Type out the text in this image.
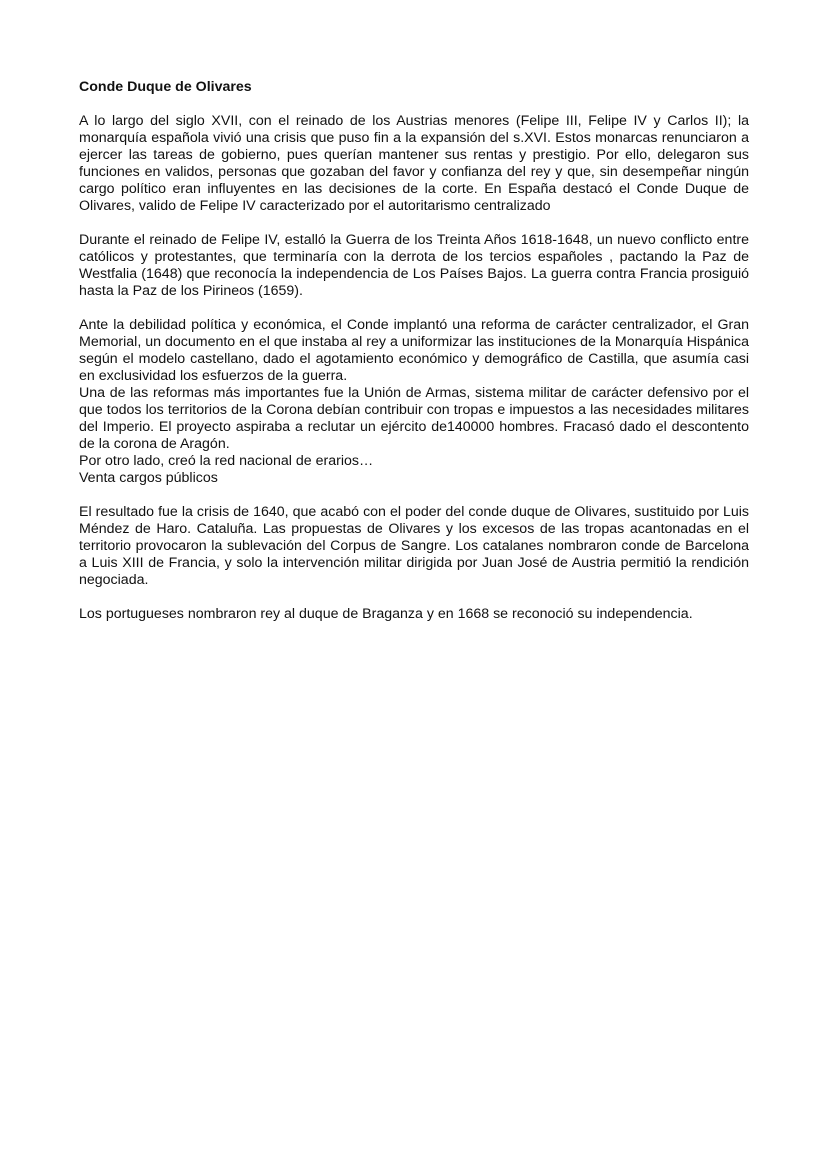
Conde Duque de Olivares

A lo largo del siglo XVII, con el reinado de los Austrias menores (Felipe III, Felipe IV y Carlos II); la monarquía española vivió una crisis que puso fin a la expansión del s.XVI. Estos monarcas renunciaron a ejercer las tareas de gobierno, pues querían mantener sus rentas y prestigio. Por ello, delegaron sus funciones en validos, personas que gozaban del favor y confianza del rey y que, sin desempeñar ningún cargo político eran influyentes en las decisiones de la corte. En España destacó el Conde Duque de Olivares, valido de Felipe IV caracterizado por el autoritarismo centralizado

Durante el reinado de Felipe IV, estalló la Guerra de los Treinta Años 1618-1648, un nuevo conflicto entre católicos y protestantes, que terminaría con la derrota de los tercios españoles , pactando la Paz de Westfalia (1648) que reconocía la independencia de Los Países Bajos. La guerra contra Francia prosiguió hasta la Paz de los Pirineos (1659).

Ante la debilidad política y económica, el Conde implantó una reforma de carácter centralizador, el Gran Memorial, un documento en el que instaba al rey a uniformizar las instituciones de la Monarquía Hispánica según el modelo castellano, dado el agotamiento económico y demográfico de Castilla, que asumía casi en exclusividad los esfuerzos de la guerra.

Una de las reformas más importantes fue la Unión de Armas, sistema militar de carácter defensivo por el que todos los territorios de la Corona debían contribuir con tropas e impuestos a las necesidades militares del Imperio. El proyecto aspiraba a reclutar un ejército de140000 hombres. Fracasó dado el descontento de la corona de Aragón.

Por otro lado, creó la red nacional de erarios…

Venta cargos públicos

El resultado fue la crisis de 1640, que acabó con el poder del conde duque de Olivares, sustituido por Luis Méndez de Haro. Cataluña. Las propuestas de Olivares y los excesos de las tropas acantonadas en el territorio provocaron la sublevación del Corpus de Sangre. Los catalanes nombraron conde de Barcelona a Luis XIII de Francia, y solo la intervención militar dirigida por Juan José de Austria permitió la rendición negociada.

Los portugueses nombraron rey al duque de Braganza y en 1668 se reconoció su independencia.
